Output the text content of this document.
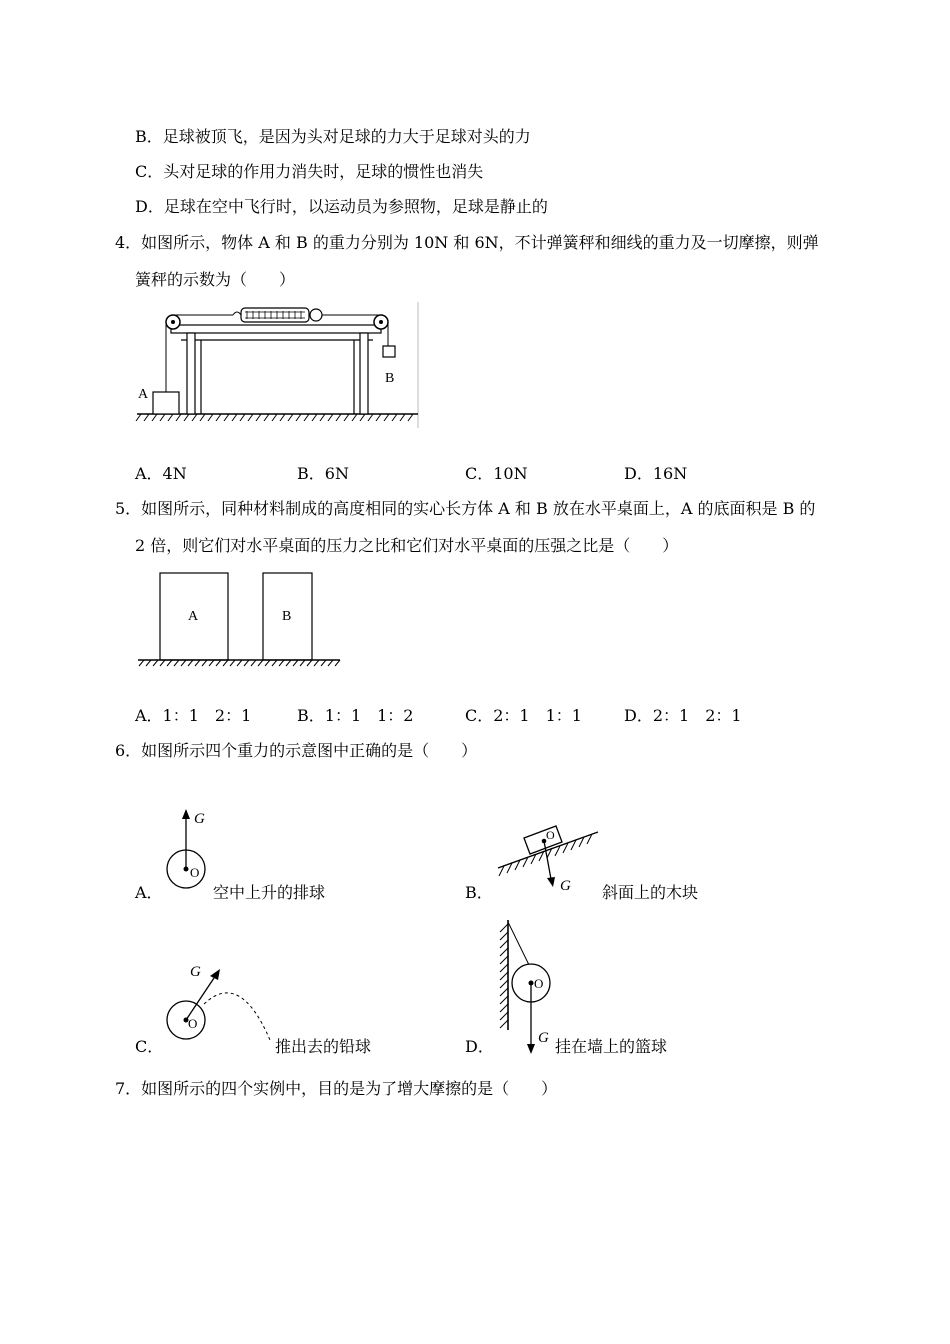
B．足球被顶飞，是因为头对足球的力大于足球对头的力
C．头对足球的作用力消失时，足球的惯性也消失
D．足球在空中飞行时，以运动员为参照物，足球是静止的
4．如图所示，物体 A 和 B 的重力分别为 10N 和 6N，不计弹簧秤和细线的重力及一切摩擦，则弹
簧秤的示数为（　　）
A
B
A．4N	B．6N	C．10N	D．16N
5．如图所示，同种材料制成的高度相同的实心长方体 A 和 B 放在水平桌面上，A 的底面积是 B 的
2 倍，则它们对水平桌面的压力之比和它们对水平桌面的压强之比是（　　）
A	B
A．1：1　2：1	B．1：1　1：2	C．2：1　1：1	D．2：1　2：1
6．如图所示四个重力的示意图中正确的是（　　）
G
O
A．	空中上升的排球
O
G
B．	斜面上的木块
O
G
C．	推出去的铅球
O
G
D．	挂在墙上的篮球
7．如图所示的四个实例中，目的是为了增大摩擦的是（　　）
